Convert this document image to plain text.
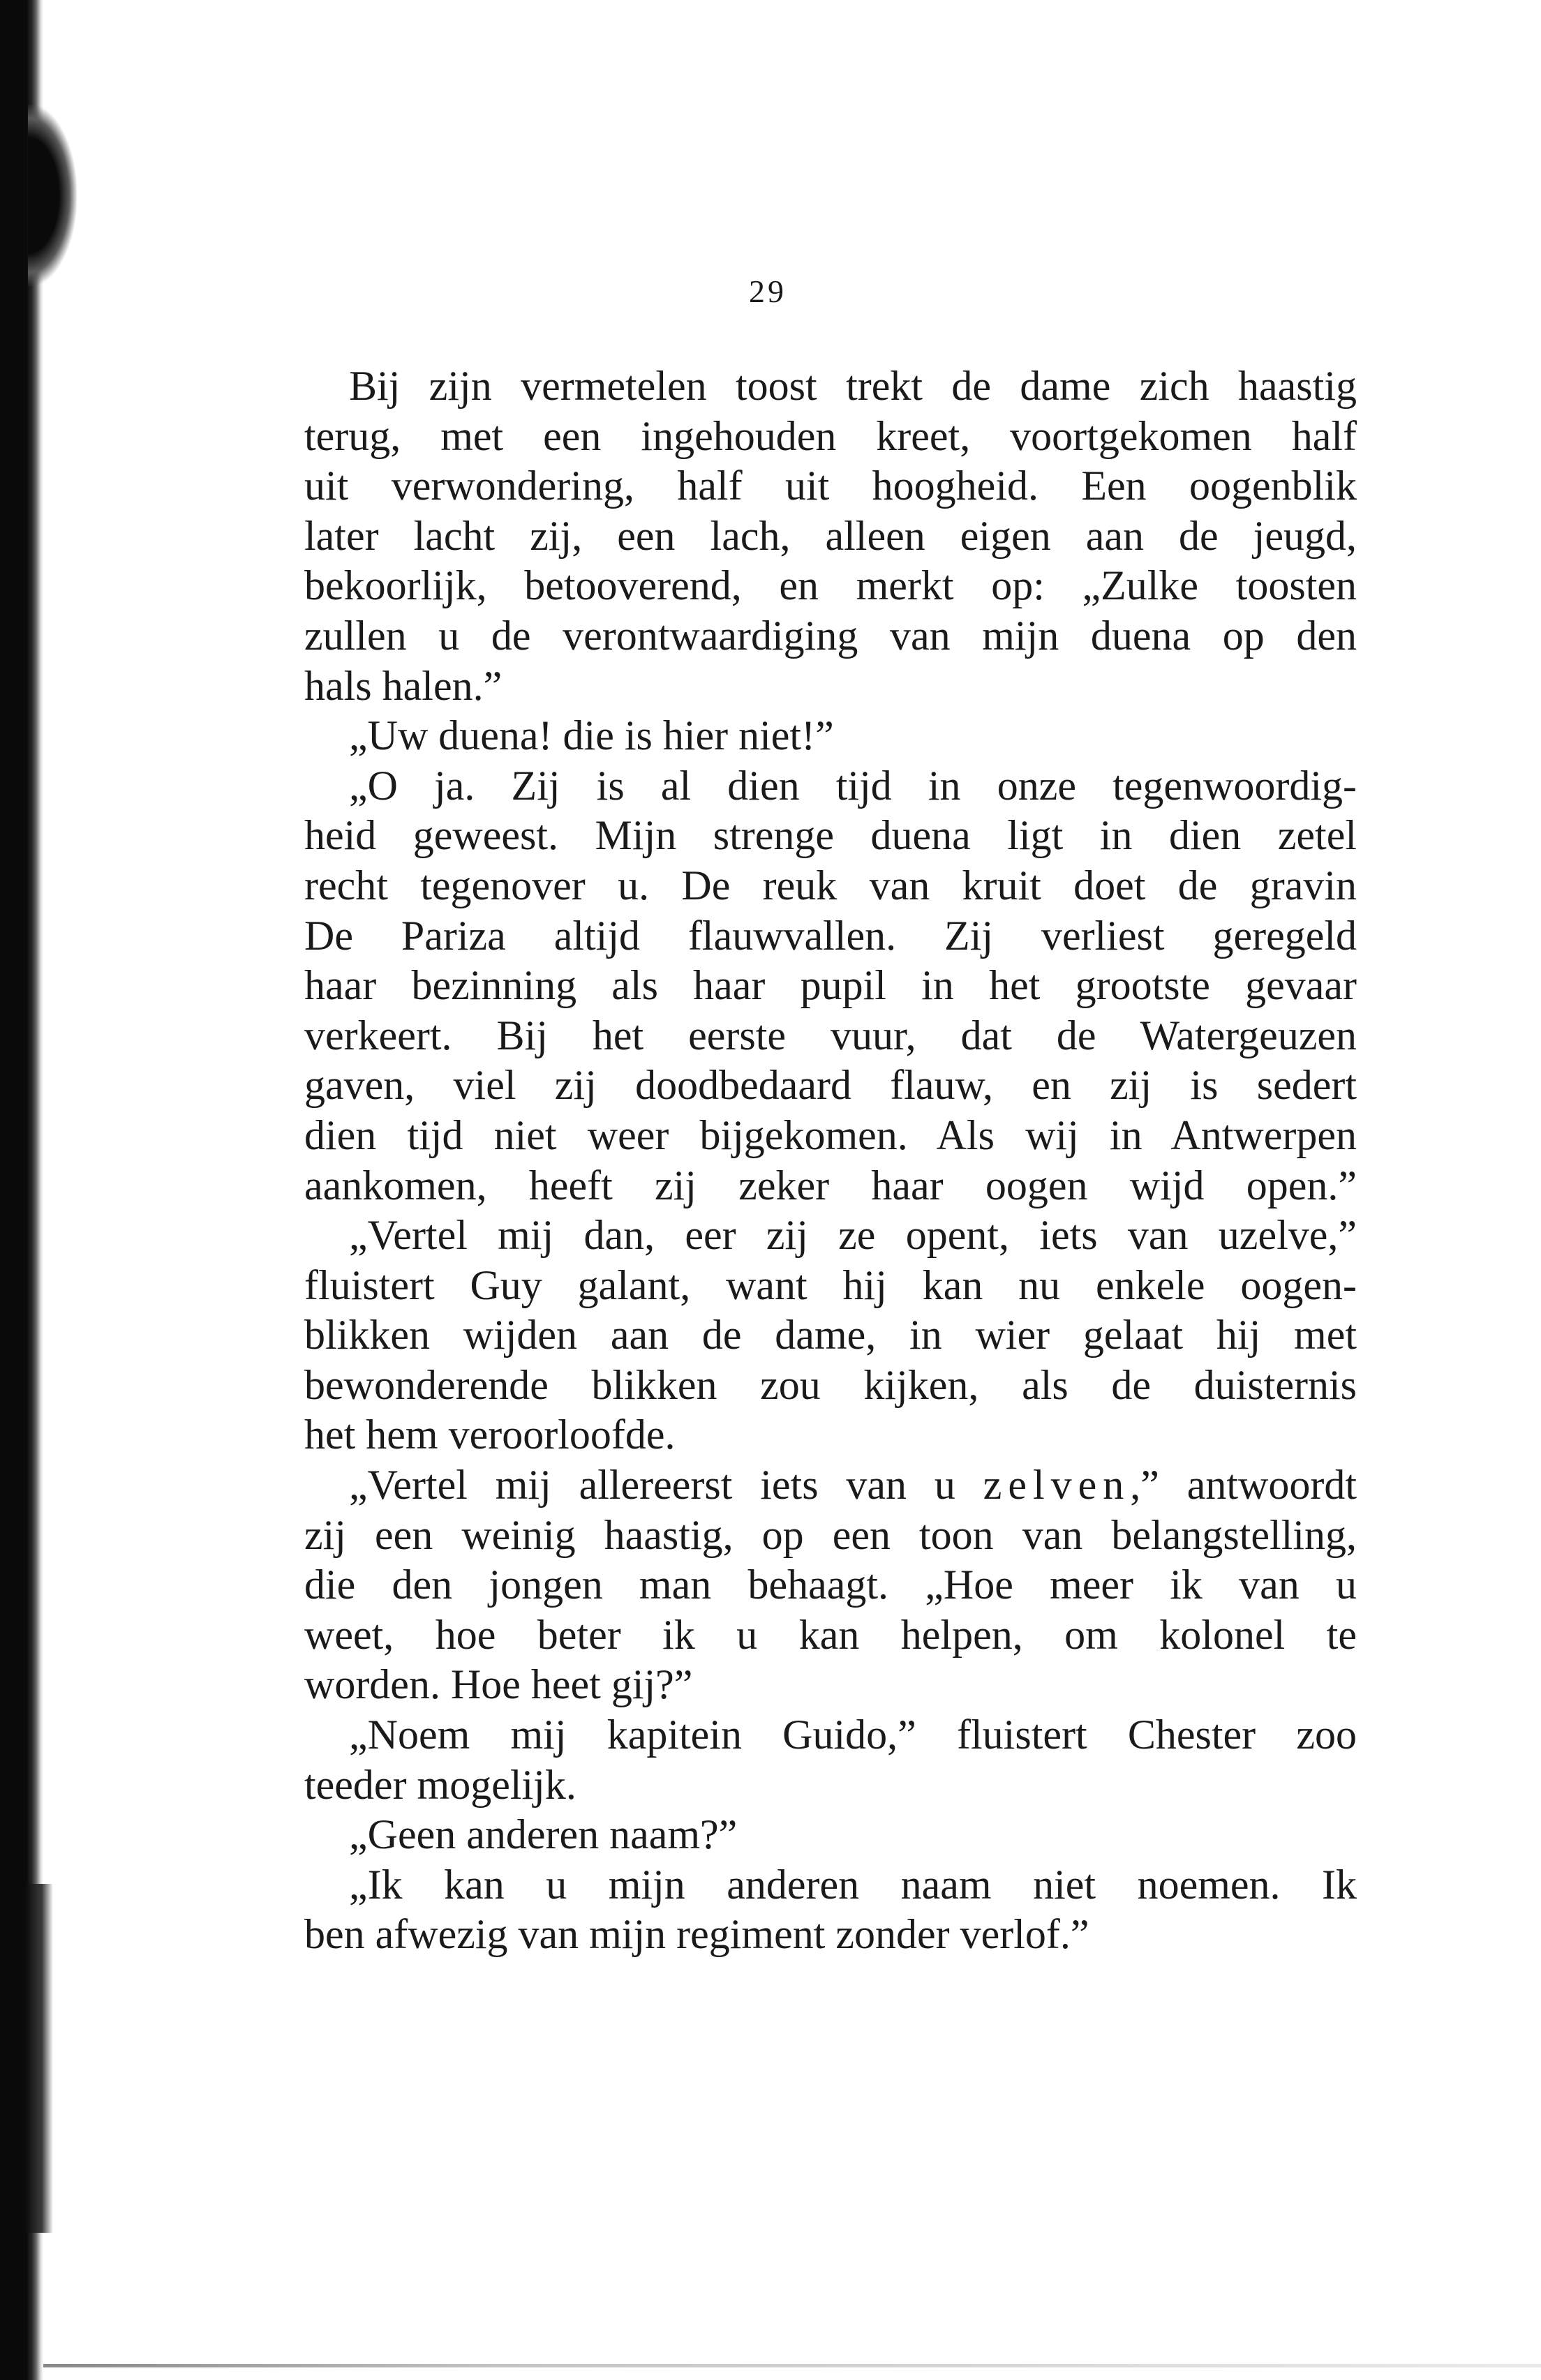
29
Bij zijn vermetelen toost trekt de dame zich haastig
terug, met een ingehouden kreet, voortgekomen half
uit verwondering, half uit hoogheid. Een oogenblik
later lacht zij, een lach, alleen eigen aan de jeugd,
bekoorlijk, betooverend, en merkt op: „Zulke toosten
zullen u de verontwaardiging van mijn duena op den
hals halen.”
„Uw duena! die is hier niet!”
„O ja. Zij is al dien tijd in onze tegenwoordig-
heid geweest. Mijn strenge duena ligt in dien zetel
recht tegenover u. De reuk van kruit doet de gravin
De Pariza altijd flauwvallen. Zij verliest geregeld
haar bezinning als haar pupil in het grootste gevaar
verkeert. Bij het eerste vuur, dat de Watergeuzen
gaven, viel zij doodbedaard flauw, en zij is sedert
dien tijd niet weer bijgekomen. Als wij in Antwerpen
aankomen, heeft zij zeker haar oogen wijd open.”
„Vertel mij dan, eer zij ze opent, iets van uzelve,”
fluistert Guy galant, want hij kan nu enkele oogen-
blikken wijden aan de dame, in wier gelaat hij met
bewonderende blikken zou kijken, als de duisternis
het hem veroorloofde.
„Vertel mij allereerst iets van u zelven,” antwoordt
zij een weinig haastig, op een toon van belangstelling,
die den jongen man behaagt. „Hoe meer ik van u
weet, hoe beter ik u kan helpen, om kolonel te
worden. Hoe heet gij?”
„Noem mij kapitein Guido,” fluistert Chester zoo
teeder mogelijk.
„Geen anderen naam?”
„Ik kan u mijn anderen naam niet noemen. Ik
ben afwezig van mijn regiment zonder verlof.”
